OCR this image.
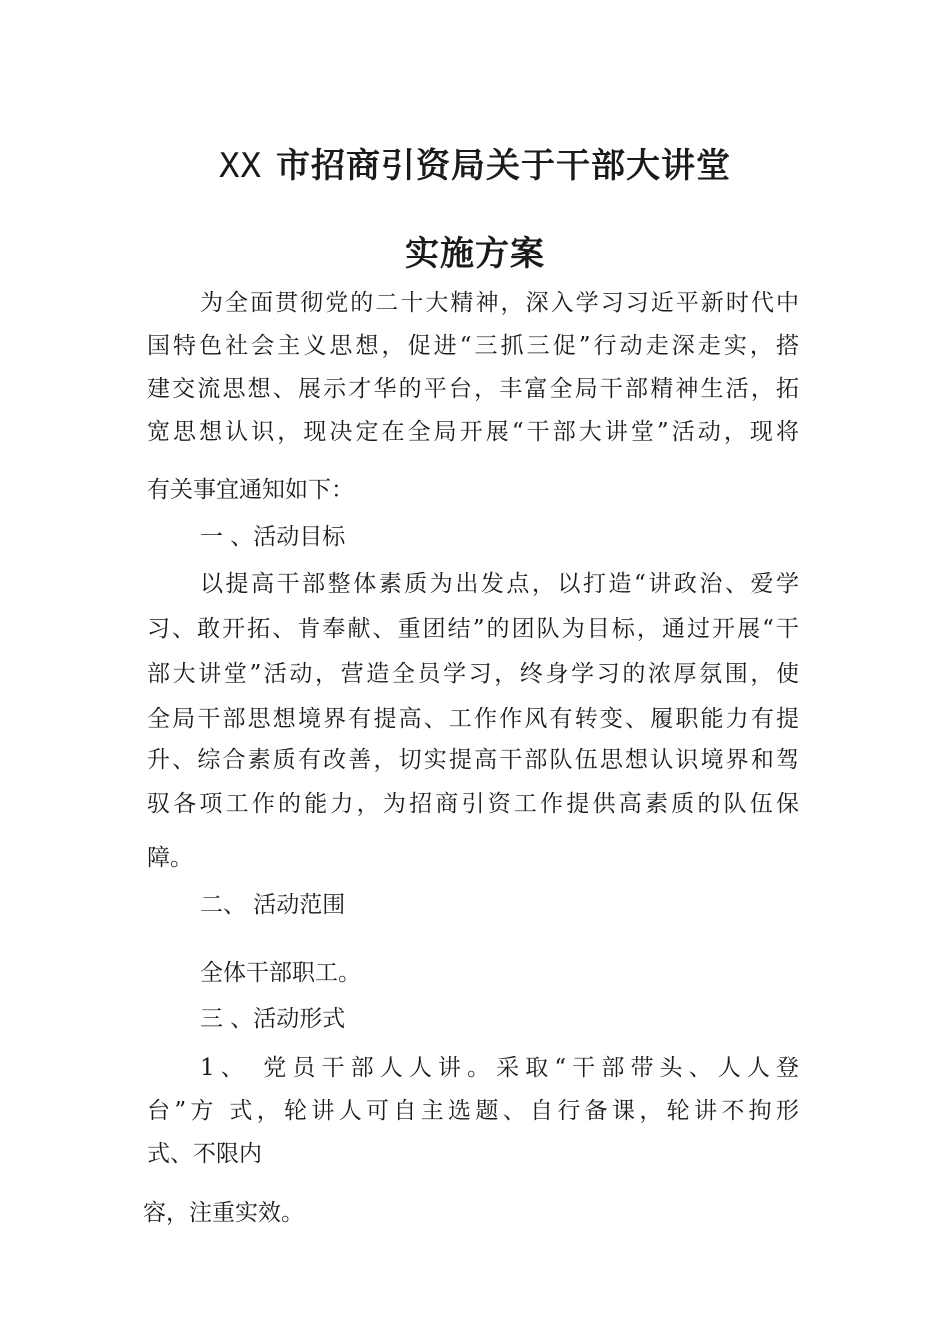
XX 市招商引资局关于干部大讲堂
实施方案
为全面贯彻党的二十大精神，深入学习习近平新时代中
国特色社会主义思想，促进“三抓三促”行动走深走实，搭
建交流思想、展示才华的平台，丰富全局干部精神生活，拓
宽思想认识，现决定在全局开展“干部大讲堂”活动，现将
有关事宜通知如下：
一 、活动目标
以提高干部整体素质为出发点，以打造“讲政治、爱学
习、敢开拓、肯奉献、重团结”的团队为目标，通过开展“干
部大讲堂”活动，营造全员学习，终身学习的浓厚氛围，使
全局干部思想境界有提高、工作作风有转变、履职能力有提
升、综合素质有改善，切实提高干部队伍思想认识境界和驾
驭各项工作的能力，为招商引资工作提供高素质的队伍保
障。
二、 活动范围
全体干部职工。
三 、活动形式
1、 党员干部人人讲。采取“干部带头、人人登
台”方 式，轮讲人可自主选题、自行备课，轮讲不拘形
式、不限内
容，注重实效。
